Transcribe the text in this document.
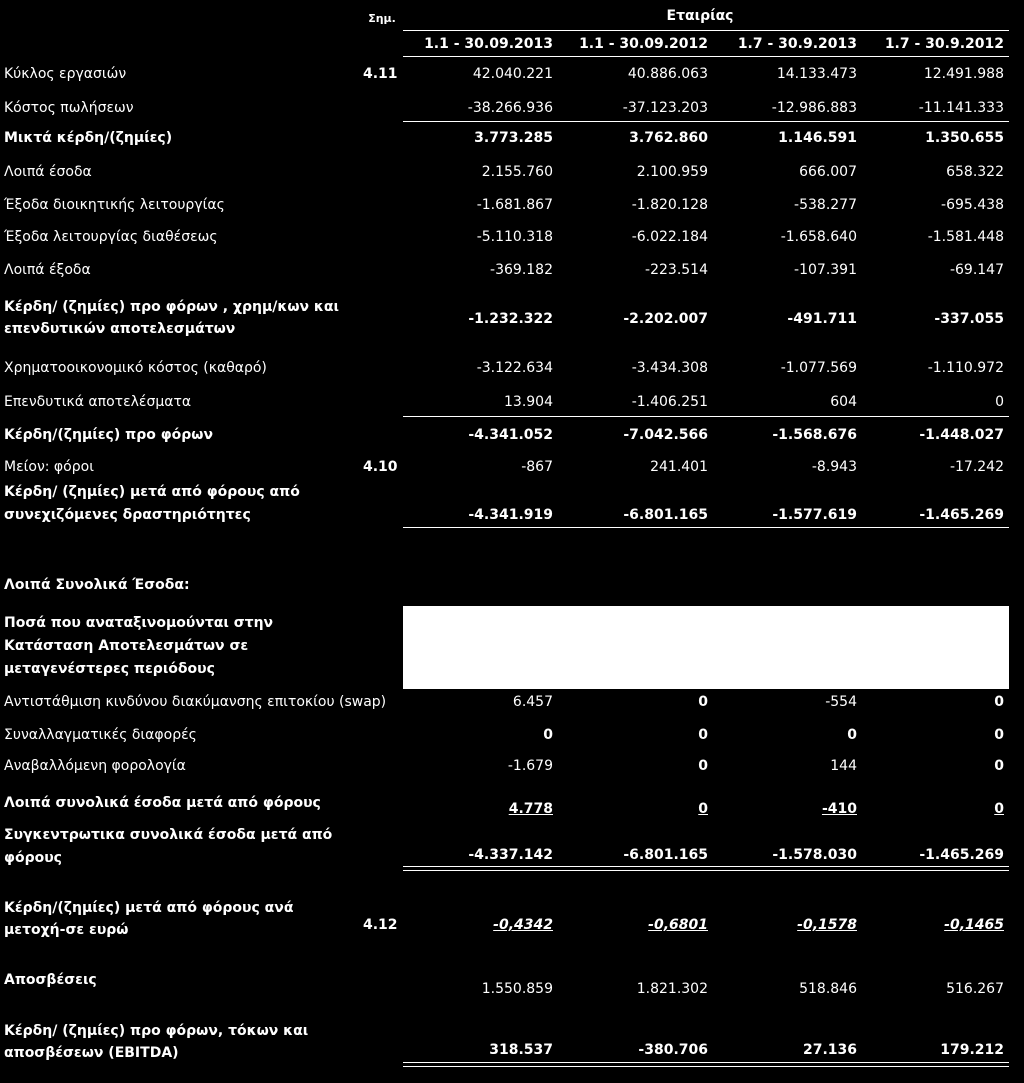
Σημ.	Εταιρίας
1.1 - 30.09.2013	1.1 - 30.09.2012	1.7 - 30.9.2013	1.7 - 30.9.2012
Κύκλος εργασιών	4.11	42.040.221	40.886.063	14.133.473	12.491.988
Κόστος πωλήσεων	-38.266.936	-37.123.203	-12.986.883	-11.141.333
Μικτά κέρδη/(ζημίες)	3.773.285	3.762.860	1.146.591	1.350.655
Λοιπά έσοδα	2.155.760	2.100.959	666.007	658.322
Έξοδα διοικητικής λειτουργίας	-1.681.867	-1.820.128	-538.277	-695.438
Έξοδα λειτουργίας διαθέσεως	-5.110.318	-6.022.184	-1.658.640	-1.581.448
Λοιπά έξοδα	-369.182	-223.514	-107.391	-69.147
Κέρδη/ (ζημίες) προ φόρων , χρημ/κων και
επενδυτικών αποτελεσμάτων
-1.232.322	-2.202.007	-491.711	-337.055
Χρηματοοικονομικό κόστος (καθαρό)	-3.122.634	-3.434.308	-1.077.569	-1.110.972
Επενδυτικά αποτελέσματα	13.904	-1.406.251	604	0
Κέρδη/(ζημίες) προ φόρων	-4.341.052	-7.042.566	-1.568.676	-1.448.027
Μείον: φόροι	4.10	-867	241.401	-8.943	-17.242
Κέρδη/ (ζημίες) μετά από φόρους από
συνεχιζόμενες δραστηριότητες	-4.341.919	-6.801.165	-1.577.619	-1.465.269
Λοιπά Συνολικά Έσοδα:
Ποσά που αναταξινομούνται στην
Κατάσταση Αποτελεσμάτων σε
μεταγενέστερες περιόδους
Αντιστάθμιση κινδύνου διακύμανσης επιτοκίου (swap)	6.457	0	-554	0
Συναλλαγματικές διαφορές	0	0	0	0
Αναβαλλόμενη φορολογία	-1.679	0	144	0
Λοιπά συνολικά έσοδα μετά από φόρους	4.778	0	-410	0
Συγκεντρωτικα συνολικά έσοδα μετά από
φόρους	-4.337.142	-6.801.165	-1.578.030	-1.465.269
Κέρδη/(ζημίες) μετά από φόρους ανά
μετοχή-σε ευρώ	4.12	-0,4342	-0,6801	-0,1578	-0,1465
Αποσβέσεις
1.550.859	1.821.302	518.846	516.267
Κέρδη/ (ζημίες) προ φόρων, τόκων και
αποσβέσεων (EBITDA)	318.537	-380.706	27.136	179.212
